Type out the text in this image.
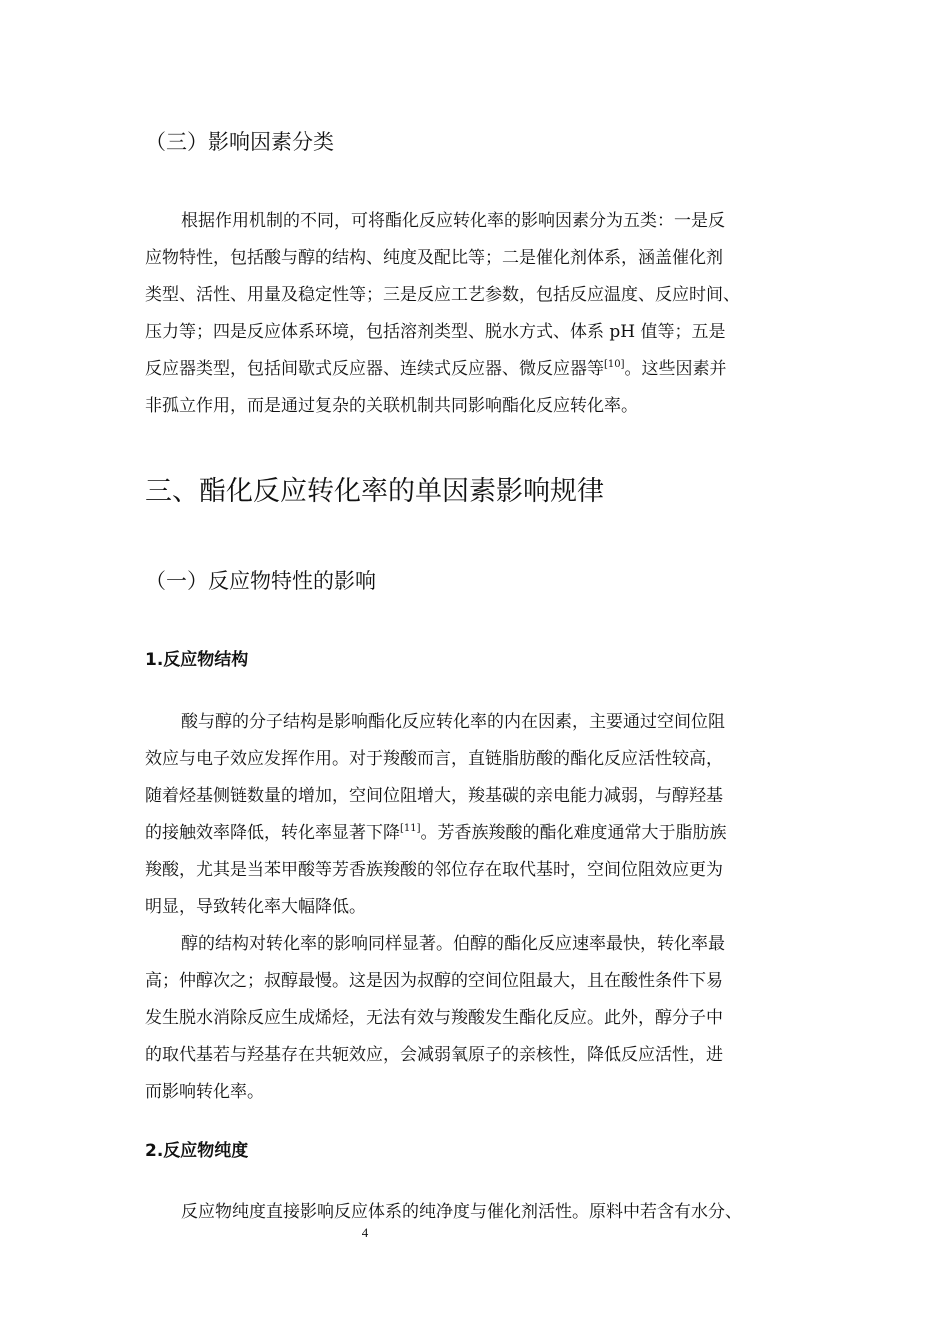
（三）影响因素分类
根据作用机制的不同，可将酯化反应转化率的影响因素分为五类：一是反
应物特性，包括酸与醇的结构、纯度及配比等；二是催化剂体系，涵盖催化剂
类型、活性、用量及稳定性等；三是反应工艺参数，包括反应温度、反应时间、
压力等；四是反应体系环境，包括溶剂类型、脱水方式、体系 pH 值等；五是
反应器类型，包括间歇式反应器、连续式反应器、微反应器等[10]。这些因素并
非孤立作用，而是通过复杂的关联机制共同影响酯化反应转化率。
三、酯化反应转化率的单因素影响规律
（一）反应物特性的影响
1.反应物结构
酸与醇的分子结构是影响酯化反应转化率的内在因素，主要通过空间位阻
效应与电子效应发挥作用。对于羧酸而言，直链脂肪酸的酯化反应活性较高，
随着烃基侧链数量的增加，空间位阻增大，羧基碳的亲电能力减弱，与醇羟基
的接触效率降低，转化率显著下降[11]。芳香族羧酸的酯化难度通常大于脂肪族
羧酸，尤其是当苯甲酸等芳香族羧酸的邻位存在取代基时，空间位阻效应更为
明显，导致转化率大幅降低。
醇的结构对转化率的影响同样显著。伯醇的酯化反应速率最快，转化率最
高；仲醇次之；叔醇最慢。这是因为叔醇的空间位阻最大，且在酸性条件下易
发生脱水消除反应生成烯烃，无法有效与羧酸发生酯化反应。此外，醇分子中
的取代基若与羟基存在共轭效应，会减弱氧原子的亲核性，降低反应活性，进
而影响转化率。
2.反应物纯度
反应物纯度直接影响反应体系的纯净度与催化剂活性。原料中若含有水分、
4
